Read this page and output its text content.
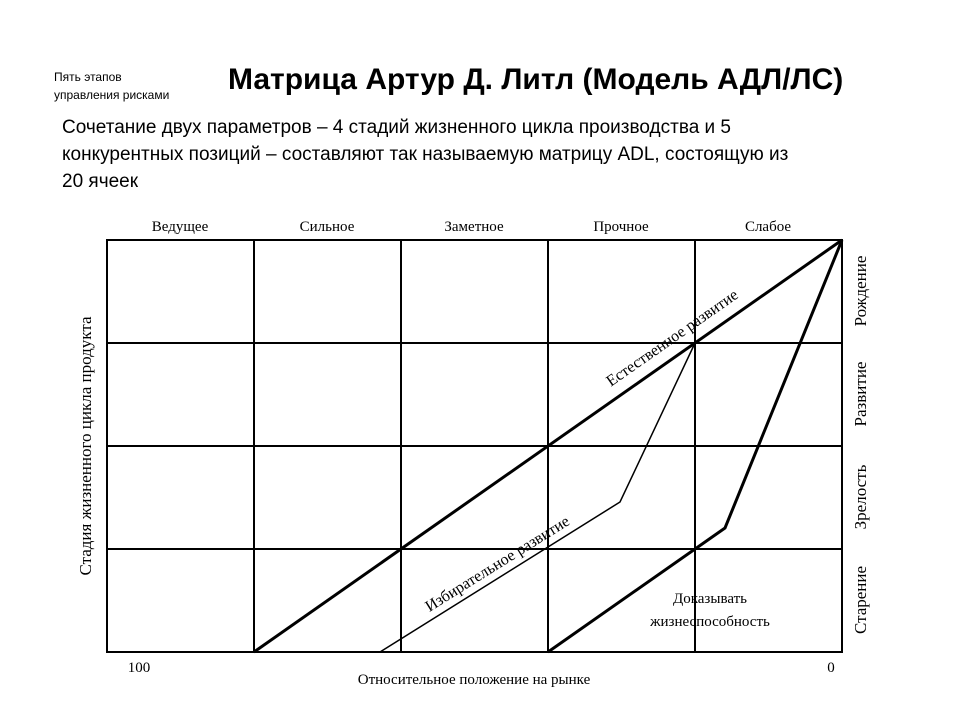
Пять этапов
управления рисками	Матрица Артур Д. Литл (Модель АДЛ/ЛС)
Сочетание двух параметров – 4 стадий жизненного цикла производства и 5
конкурентных позиций – составляют так называемую матрицу ADL, состоящую из
20 ячеек
Ведущее	Сильное	Заметное	Прочное	Слабое
Рождение
Развитие
Зрелость
Старение
Стадия жизненного цикла продукта
100	0
Относительное положение на рынке
Естественное развитие
Избирательное развитие	Доказывать
жизнеспособность
